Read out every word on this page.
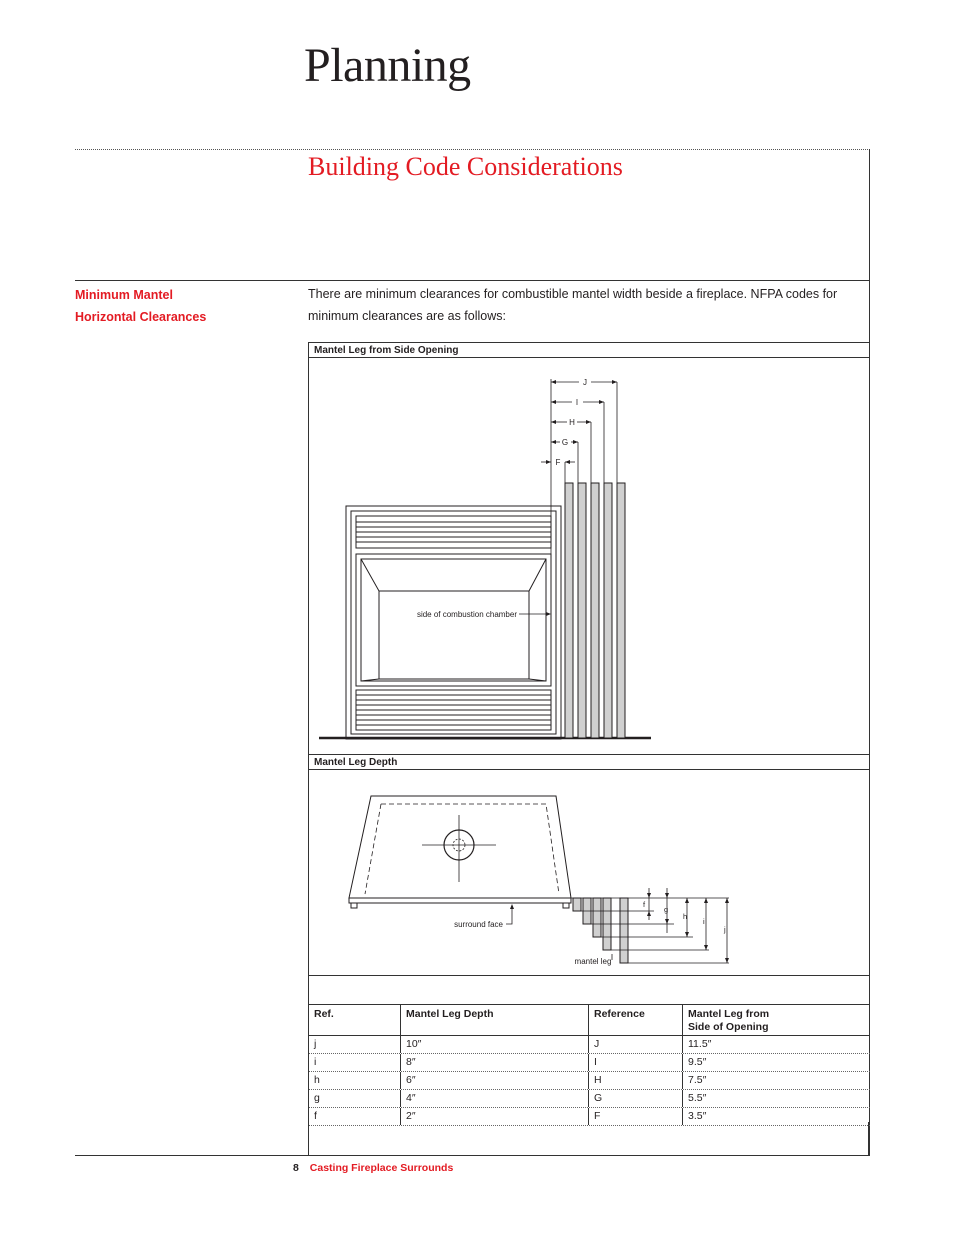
Planning
Building Code Considerations
Minimum Mantel
Horizontal Clearances
There are minimum clearances for combustible mantel width beside a fireplace. NFPA codes for minimum clearances are as follows:
Mantel Leg from Side Opening
J
I
H
G
F
side of combustion chamber
Mantel Leg Depth
f
g
h
i
j
surround face
mantel leg
Ref.	Mantel Leg Depth	Reference	Mantel Leg from
Side of Opening
j	10″	J	11.5″
i	8″	I	9.5″
h	6″	H	7.5″
g	4″	G	5.5″
f	2″	F	3.5″
8 Casting Fireplace Surrounds
